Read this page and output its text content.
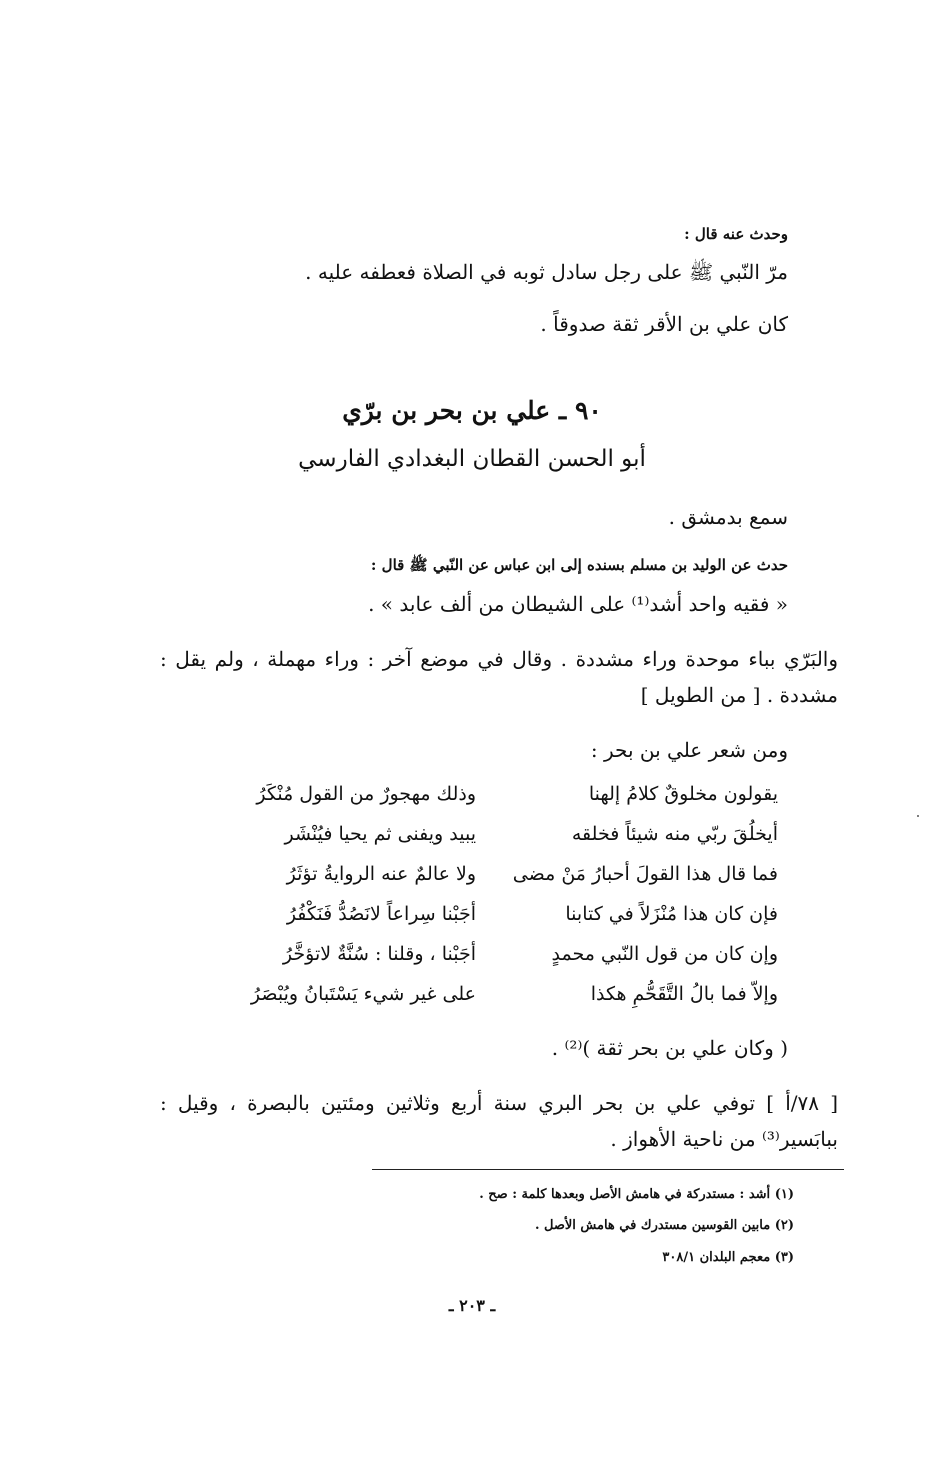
وحدث عنه قال :
مرّ النّبي ﷺ على رجل سادل ثوبه في الصلاة فعطفه عليه .
كان علي بن الأقر ثقة صدوقاً .
٩٠ ـ علي بن بحر بن برّي
أبو الحسن القطان البغدادي الفارسي
سمع بدمشق .
حدث عن الوليد بن مسلم بسنده إلى ابن عباس عن النّبي ﷺ قال :
« فقيه واحد أشد⁽¹⁾ على الشيطان من ألف عابد » .
والبَرّي بباء موحدة وراء مشددة . وقال في موضع آخر : وراء مهملة ، ولم يقل :
مشددة . [ من الطويل ]
ومن شعر علي بن بحر :
يقولون مخلوقٌ كلامُ إلهنا
وذلك مهجورٌ من القول مُنْكَرُ
أيخلُقَ ربّي منه شيئاً فخلقه
يبيد ويفنى ثم يحيا فيُنْشَر
فما قال هذا القولَ أحبارُ مَنْ مضى
ولا عالمٌ عنه الروايةُ تؤثَرُ
فإن كان هذا مُنْزَلاً في كتابنا
أجَبْنا سِراعاً لانَصُدُّ فَنَكْفُرُ
وإن كان من قول النّبي محمدٍ
أجَبْنا ، وقلنا : سُنَّةٌ لاتؤخَّرُ
وإلاّ فما بالُ التَّقَحُّمِ هكذا
على غير شيء يَسْتَبانُ ويُبْصَرُ
( وكان علي بن بحر ثقة )⁽²⁾ .
[ ٧٨/أ ] توفي علي بن بحر البري سنة أربع وثلاثين ومئتين بالبصرة ، وقيل :
ببابَسير⁽³⁾ من ناحية الأهواز .
(١) أشد : مستدركة في هامش الأصل وبعدها كلمة : صح .
(٢) مابين القوسين مستدرك في هامش الأصل .
(٣) معجم البلدان ٣٠٨/١
ـ ٢٠٣ ـ
